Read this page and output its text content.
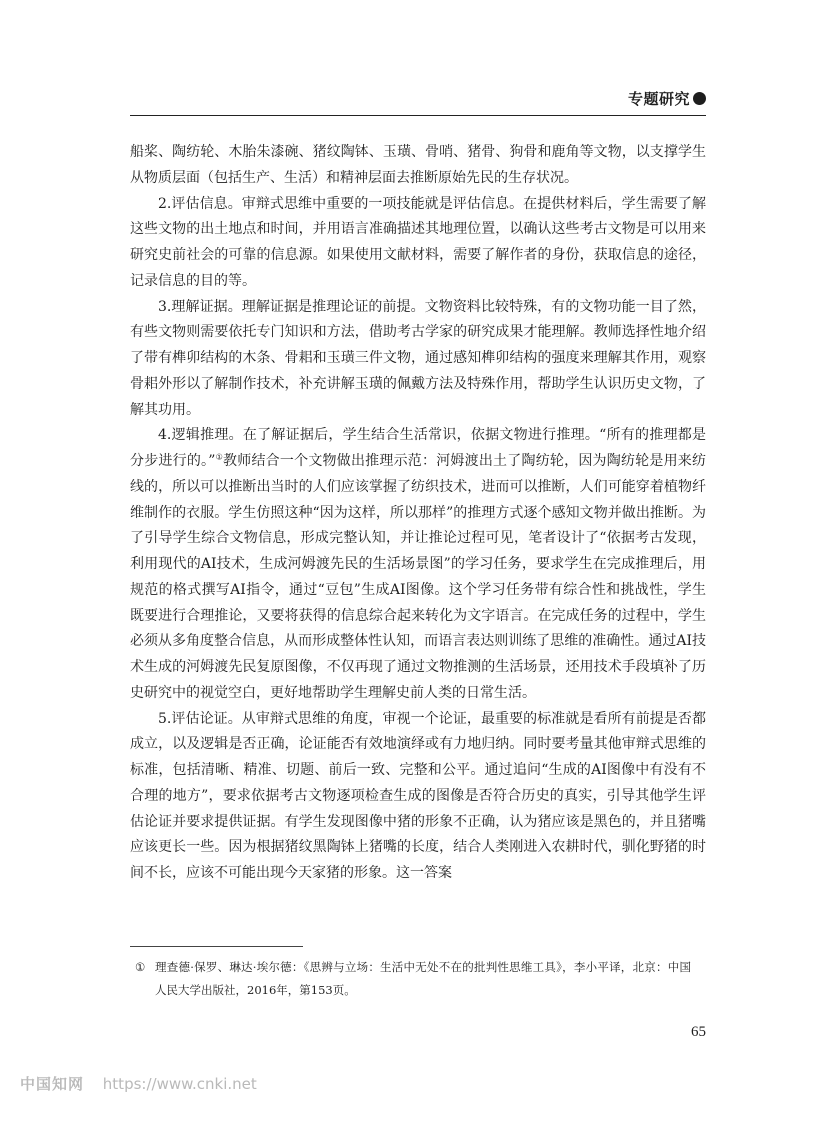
专题研究

船桨、陶纺轮、木胎朱漆碗、猪纹陶钵、玉璜、骨哨、猪骨、狗骨和鹿角等文物，以支撑学生从物质层面（包括生产、生活）和精神层面去推断原始先民的生存状况。

2.评估信息。审辩式思维中重要的一项技能就是评估信息。在提供材料后，学生需要了解这些文物的出土地点和时间，并用语言准确描述其地理位置，以确认这些考古文物是可以用来研究史前社会的可靠的信息源。如果使用文献材料，需要了解作者的身份，获取信息的途径，记录信息的目的等。

3.理解证据。理解证据是推理论证的前提。文物资料比较特殊，有的文物功能一目了然，有些文物则需要依托专门知识和方法，借助考古学家的研究成果才能理解。教师选择性地介绍了带有榫卯结构的木条、骨耜和玉璜三件文物，通过感知榫卯结构的强度来理解其作用，观察骨耜外形以了解制作技术，补充讲解玉璜的佩戴方法及特殊作用，帮助学生认识历史文物，了解其功用。

4.逻辑推理。在了解证据后，学生结合生活常识，依据文物进行推理。“所有的推理都是分步进行的。”①教师结合一个文物做出推理示范：河姆渡出土了陶纺轮，因为陶纺轮是用来纺线的，所以可以推断出当时的人们应该掌握了纺织技术，进而可以推断，人们可能穿着植物纤维制作的衣服。学生仿照这种“因为这样，所以那样”的推理方式逐个感知文物并做出推断。为了引导学生综合文物信息，形成完整认知，并让推论过程可见，笔者设计了“依据考古发现，利用现代的AI技术，生成河姆渡先民的生活场景图”的学习任务，要求学生在完成推理后，用规范的格式撰写AI指令，通过“豆包”生成AI图像。这个学习任务带有综合性和挑战性，学生既要进行合理推论，又要将获得的信息综合起来转化为文字语言。在完成任务的过程中，学生必须从多角度整合信息，从而形成整体性认知，而语言表达则训练了思维的准确性。通过AI技术生成的河姆渡先民复原图像，不仅再现了通过文物推测的生活场景，还用技术手段填补了历史研究中的视觉空白，更好地帮助学生理解史前人类的日常生活。

5.评估论证。从审辩式思维的角度，审视一个论证，最重要的标准就是看所有前提是否都成立，以及逻辑是否正确，论证能否有效地演绎或有力地归纳。同时要考量其他审辩式思维的标准，包括清晰、精准、切题、前后一致、完整和公平。通过追问“生成的AI图像中有没有不合理的地方”，要求依据考古文物逐项检查生成的图像是否符合历史的真实，引导其他学生评估论证并要求提供证据。有学生发现图像中猪的形象不正确，认为猪应该是黑色的，并且猪嘴应该更长一些。因为根据猪纹黑陶钵上猪嘴的长度，结合人类刚进入农耕时代，驯化野猪的时间不长，应该不可能出现今天家猪的形象。这一答案

① 理查德·保罗、琳达·埃尔德：《思辨与立场：生活中无处不在的批判性思维工具》，李小平译，北京：中国人民大学出版社，2016年，第153页。
65
中国知网 https://www.cnki.net
